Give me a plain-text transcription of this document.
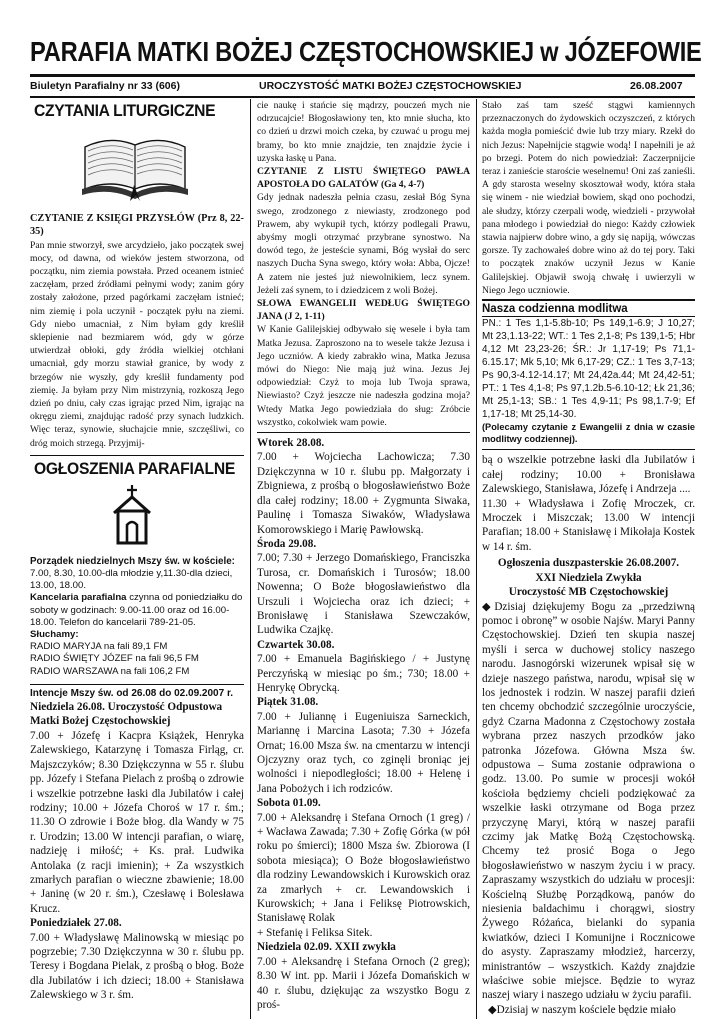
PARAFIA MATKI BOŻEJ CZĘSTOCHOWSKIEJ w JÓZEFOWIE
Biuletyn Parafialny nr 33 (606)	UROCZYSTOŚĆ MATKI BOŻEJ CZĘSTOCHOWSKIEJ	26.08.2007
CZYTANIA LITURGICZNE

CZYTANIE Z KSIĘGI PRZYSŁÓW (Prz 8, 22-35)

Pan mnie stworzył, swe arcydzieło, jako początek swej mocy, od dawna, od wieków jestem stworzona, od początku, nim ziemia powstała. Przed oceanem istnieć zaczęłam, przed źródłami pełnymi wody; zanim góry zostały założone, przed pagórkami zaczęłam istnieć; nim ziemię i pola uczynił - początek pyłu na ziemi. Gdy niebo umacniał, z Nim byłam gdy kreślił sklepienie nad bezmiarem wód, gdy w górze utwierdzał obłoki, gdy źródła wielkiej otchłani umacniał, gdy morzu stawiał granice, by wody z brzegów nie wyszły, gdy kreślił fundamenty pod ziemię. Ja byłam przy Nim mistrzynią, rozkoszą Jego dzień po dniu, cały czas igrając przed Nim, igrając na okręgu ziemi, znajdując radość przy synach ludzkich. Więc teraz, synowie, słuchajcie mnie, szczęśliwi, co dróg moich strzegą. Przyjmij-

OGŁOSZENIA PARAFIALNE

Porządek niedzielnych Mszy św. w kościele:

7.00, 8.30, 10.00-dla młodzie y,11.30-dla dzieci, 13.00, 18.00.

Kancelaria parafialna czynna od poniedziałku do soboty w godzinach: 9.00-11.00 oraz od 16.00-18.00. Telefon do kancelarii 789-21-05.

Słuchamy:

RADIO MARYJA na fali 89,1 FM

RADIO ŚWIĘTY JÓZEF na fali 96,5 FM

RADIO WARSZAWA na fali 106,2 FM

Intencje Mszy św. od 26.08 do 02.09.2007 r.

Niedziela 26.08. Uroczystość Odpustowa Matki Bożej Częstochowskiej

7.00 + Józefę i Kacpra Książek, Henryka Zalewskiego, Katarzynę i Tomasza Firląg, cr. Majszczyków; 8.30 Dziękczynna w 55 r. ślubu pp. Józefy i Stefana Pielach z prośbą o zdrowie i wszelkie potrzebne łaski dla Jubilatów i całej rodziny; 10.00 + Józefa Choroś w 17 r. śm.; 11.30 O zdrowie i Boże błog. dla Wandy w 75 r. Urodzin; 13.00 W intencji parafian, o wiarę, nadzieję i miłość; + Ks. prał. Ludwika Antolaka (z racji imienin); + Za wszystkich zmarłych parafian o wieczne zbawienie; 18.00 + Janinę (w 20 r. śm.), Czesławę i Bolesława Krucz.

Poniedziałek 27.08.

7.00 + Władysławę Malinowską w miesiąc po pogrzebie; 7.30 Dziękczynna w 30 r. ślubu pp. Teresy i Bogdana Pielak, z prośbą o błog. Boże dla Jubilatów i ich dzieci; 18.00 + Stanisława Zalewskiego w 3 r. śm.

cie naukę i stańcie się mądrzy, pouczeń mych nie odrzucajcie! Błogosławiony ten, kto mnie słucha, kto co dzień u drzwi moich czeka, by czuwać u progu mej bramy, bo kto mnie znajdzie, ten znajdzie życie i uzyska łaskę u Pana.

CZYTANIE Z LISTU ŚWIĘTEGO PAWŁA APOSTOŁA DO GALATÓW (Ga 4, 4-7)

Gdy jednak nadeszła pełnia czasu, zesłał Bóg Syna swego, zrodzonego z niewiasty, zrodzonego pod Prawem, aby wykupił tych, którzy podlegali Prawu, abyśmy mogli otrzymać przybrane synostwo. Na dowód tego, że jesteście synami, Bóg wysłał do serc naszych Ducha Syna swego, który woła: Abba, Ojcze! A zatem nie jesteś już niewolnikiem, lecz synem. Jeżeli zaś synem, to i dziedzicem z woli Bożej.

SŁOWA EWANGELII WEDŁUG ŚWIĘTEGO JANA (J 2, 1-11)

W Kanie Galilejskiej odbywało się wesele i była tam Matka Jezusa. Zaproszono na to wesele także Jezusa i Jego uczniów. A kiedy zabrakło wina, Matka Jezusa mówi do Niego: Nie mają już wina. Jezus Jej odpowiedział: Czyż to moja lub Twoja sprawa, Niewiasto? Czyż jeszcze nie nadeszła godzina moja? Wtedy Matka Jego powiedziała do sług: Zróbcie wszystko, cokolwiek wam powie.

Wtorek 28.08.

7.00 + Wojciecha Lachowicza; 7.30 Dziękczynna w 10 r. ślubu pp. Małgorzaty i Zbigniewa, z prośbą o błogosławieństwo Boże dla całej rodziny; 18.00 + Zygmunta Siwaka, Paulinę i Tomasza Siwaków, Władysława Komorowskiego i Marię Pawłowską.

Środa 29.08.

7.00; 7.30 + Jerzego Domańskiego, Franciszka Turosa, cr. Domańskich i Turosów; 18.00 Nowenna; O Boże błogosławieństwo dla Urszuli i Wojciecha oraz ich dzieci; + Bronisławę i Stanisława Szewczaków, Ludwika Czajkę.

Czwartek 30.08.

7.00 + Emanuela Bagińskiego / + Justynę Perczyńską w miesiąc po śm.; 730; 18.00 + Henrykę Obrycką.

Piątek 31.08.

7.00 + Juliannę i Eugeniuisza Sarneckich, Mariannę i Marcina Lasota; 7.30 + Józefa Ornat; 16.00 Msza św. na cmentarzu w intencji Ojczyzny oraz tych, co zginęli broniąc jej wolności i niepodległości; 18.00 + Helenę i Jana Pobożych i ich rodziców.

Sobota 01.09.

7.00 + Aleksandrę i Stefana Ornoch (1 greg) / + Wacława Zawada; 7.30 + Zofię Górka (w pół roku po śmierci); 1800 Msza św. Zbiorowa (I sobota miesiąca); O Boże błogosławieństwo dla rodziny Lewandowskich i Kurowskich oraz za zmarłych + cr. Lewandowskich i Kurowskich; + Jana i Feliksę Piotrowskich, Stanisławę Rolak
+ Stefanię i Feliksa Sitek.

Niedziela 02.09. XXII zwykła

7.00 + Aleksandrę i Stefana Ornoch (2 greg); 8.30 W int. pp. Marii i Józefa Domańskich w 40 r. ślubu, dziękując za wszystko Bogu z proś-

Stało zaś tam sześć stągwi kamiennych przeznaczonych do żydowskich oczyszczeń, z których każda mogła pomieścić dwie lub trzy miary. Rzekł do nich Jezus: Napełnijcie stągwie wodą! I napełnili je aż po brzegi. Potem do nich powiedział: Zaczerpnijcie teraz i zanieście staroście weselnemu! Oni zaś zanieśli. A gdy starosta weselny skosztował wody, która stała się winem - nie wiedział bowiem, skąd ono pochodzi, ale słudzy, którzy czerpali wodę, wiedzieli - przywołał pana młodego i powiedział do niego: Każdy człowiek stawia najpierw dobre wino, a gdy się napiją, wówczas gorsze. Ty zachowałeś dobre wino aż do tej pory. Taki to początek znaków uczynił Jezus w Kanie Galilejskiej. Objawił swoją chwałę i uwierzyli w Niego Jego uczniowie.

Nasza codzienna modlitwa

PN.: 1 Tes 1,1-5.8b-10; Ps 149,1-6.9; J 10,27; Mt 23,1.13-22; WT.: 1 Tes 2,1-8; Ps 139,1-5; Hbr 4,12 Mt 23,23-26; ŚR.: Jr 1,17-19; Ps 71,1-6.15.17; Mk 5,10; Mk 6,17-29; CZ.: 1 Tes 3,7-13; Ps 90,3-4.12-14.17; Mt 24,42a.44; Mt 24,42-51; PT.: 1 Tes 4,1-8; Ps 97,1.2b.5-6.10-12; Łk 21,36; Mt 25,1-13; SB.: 1 Tes 4,9-11; Ps 98,1.7-9; Ef 1,17-18; Mt 25,14-30.

(Polecamy czytanie z Ewangelii z dnia w czasie modlitwy codziennej).

bą o wszelkie potrzebne łaski dla Jubilatów i całej rodziny; 10.00 + Bronisława Zalewskiego, Stanisława, Józefę i Andrzeja ....
11.30 + Władysława i Zofię Mroczek, cr. Mroczek i Miszczak; 13.00 W intencji Parafian; 18.00 + Stanisławę i Mikołaja Kostek w 14 r. śm.

Ogłoszenia duszpasterskie 26.08.2007.

XXI Niedziela Zwykła

Uroczystość MB Częstochowskiej

◆Dzisiaj dziękujemy Bogu za „przedziwną pomoc i obronę” w osobie Najśw. Maryi Panny Częstochowskiej. Dzień ten skupia naszej myśli i serca w duchowej stolicy naszego narodu. Jasnogórski wizerunek wpisał się w dzieje naszego państwa, narodu, wpisał się w los jednostek i rodzin. W naszej parafii dzień ten chcemy obchodzić szczególnie uroczyście, gdyż Czarna Madonna z Częstochowy została wybrana przez naszych przodków jako patronka Józefowa. Główna Msza św. odpustowa – Suma zostanie odprawiona o godz. 13.00. Po sumie w procesji wokół kościoła będziemy chcieli podziękować za wszelkie łaski otrzymane od Boga przez przyczynę Maryi, którą w naszej parafii czcimy jak Matkę Bożą Częstochowską. Chcemy też prosić Boga o Jego błogosławieństwo w naszym życiu i w pracy. Zapraszamy wszystkich do udziału w procesji: Kościelną Służbę Porządkową, panów do niesienia baldachimu i chorągwi, siostry Żywego Różańca, bielanki do sypania kwiatków, dzieci I Komunijne i Rocznicowe do asysty. Zapraszamy młodzież, harcerzy, ministrantów – wszystkich. Każdy znajdzie właściwe sobie miejsce. Będzie to wyraz naszej wiary i naszego udziału w życiu parafii.

◆Dzisiaj w naszym kościele będzie miało
